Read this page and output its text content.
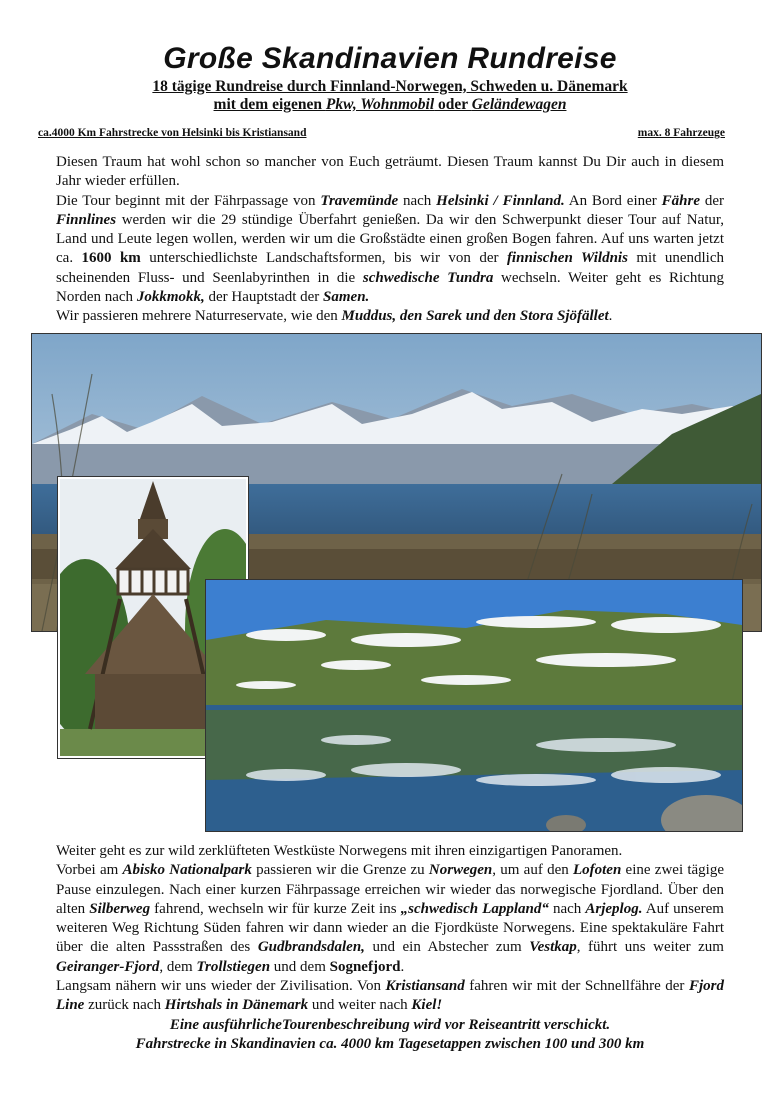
Große Skandinavien Rundreise
18 tägige Rundreise durch Finnland-Norwegen, Schweden u. Dänemark
mit dem eigenen Pkw, Wohnmobil oder Geländewagen
ca.4000 Km Fahrstrecke von Helsinki bis Kristiansand	max. 8 Fahrzeuge

Diesen Traum hat wohl schon so mancher von Euch geträumt. Diesen Traum kannst Du Dir auch in diesem Jahr wieder erfüllen.

Die Tour beginnt mit der Fährpassage von Travemünde nach Helsinki / Finnland. An Bord einer Fähre der Finnlines werden wir die 29 stündige Überfahrt genießen. Da wir den Schwerpunkt dieser Tour auf Natur, Land und Leute legen wollen, werden wir um die Großstädte einen großen Bogen fahren. Auf uns warten jetzt ca. 1600 km unterschiedlichste Landschaftsformen, bis wir von der finnischen Wildnis mit unendlich scheinenden Fluss- und Seenlabyrinthen in die schwedische Tundra wechseln. Weiter geht es Richtung Norden nach Jokkmokk, der Hauptstadt der Samen.

Wir passieren mehrere Naturreservate, wie den Muddus, den Sarek und den Stora Sjöfället.

Weiter geht es zur wild zerklüfteten Westküste Norwegens mit ihren einzigartigen Panoramen.

Vorbei am Abisko Nationalpark passieren wir die Grenze zu Norwegen, um auf den Lofoten eine zwei tägige Pause einzulegen. Nach einer kurzen Fährpassage erreichen wir wieder das norwegische Fjordland. Über den alten Silberweg fahrend, wechseln wir für kurze Zeit ins „schwedisch Lappland“ nach Arjeplog. Auf unserem weiteren Weg Richtung Süden fahren wir dann wieder an die Fjordküste Norwegens. Eine spektakuläre Fahrt über die alten Passstraßen des Gudbrandsdalen, und ein Abstecher zum Vestkap, führt uns weiter zum Geiranger-Fjord, dem Trollstiegen und dem Sognefjord.

Langsam nähern wir uns wieder der Zivilisation. Von Kristiansand fahren wir mit der Schnellfähre der Fjord Line zurück nach Hirtshals in Dänemark und weiter nach Kiel!

Eine ausführlicheTourenbeschreibung wird vor Reiseantritt verschickt.

Fahrstrecke in Skandinavien ca. 4000 km Tagesetappen zwischen 100 und 300 km
